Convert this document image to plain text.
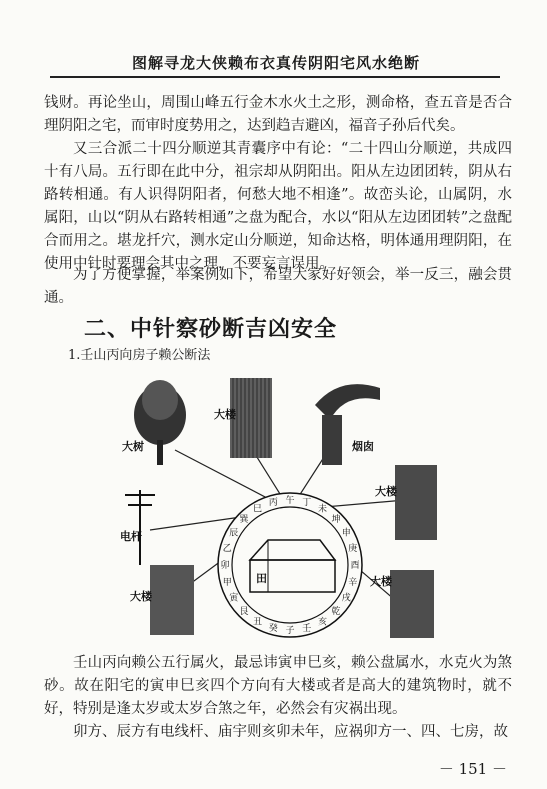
图解寻龙大侠赖布衣真传阴阳宅风水绝断

钱财。再论坐山，周围山峰五行金木水火土之形，测命格，查五音是否合理阴阳之宅，而审时度势用之，达到趋吉避凶，福音子孙后代矣。

又三合派二十四分顺逆其青囊序中有论：“二十四山分顺逆，共成四十有八局。五行即在此中分，祖宗却从阴阳出。阳从左边团团转，阴从右路转相通。有人识得阴阳者，何愁大地不相逢”。故峦头论，山属阴，水属阳，山以“阴从右路转相通”之盘为配合，水以“阳从左边团团转”之盘配合而用之。堪龙扦穴，测水定山分顺逆，知命达格，明体通用理阴阳，在使用中针时要理会其中之理，不要妄言误用。

为了方便掌握，举案例如下，希望大家好好领会，举一反三，融会贯通。

二、中针察砂断吉凶安全
1.壬山丙向房子赖公断法
大树
大楼
烟囱
大楼
电杆
大楼
大楼
午 丁
未
坤
申
庚
酉
辛
戌
乾
亥
壬
子
癸
丑
艮
寅
甲
卯
乙
辰
巽
巳
丙
田

壬山丙向赖公五行属火，最忌讳寅申巳亥，赖公盘属水，水克火为煞砂。故在阳宅的寅申巳亥四个方向有大楼或者是高大的建筑物时，就不好，特别是逢太岁或太岁合煞之年，必然会有灾祸出现。

卯方、辰方有电线杆、庙宇则亥卯未年，应祸卯方一、四、七房，故

－ 151 －
